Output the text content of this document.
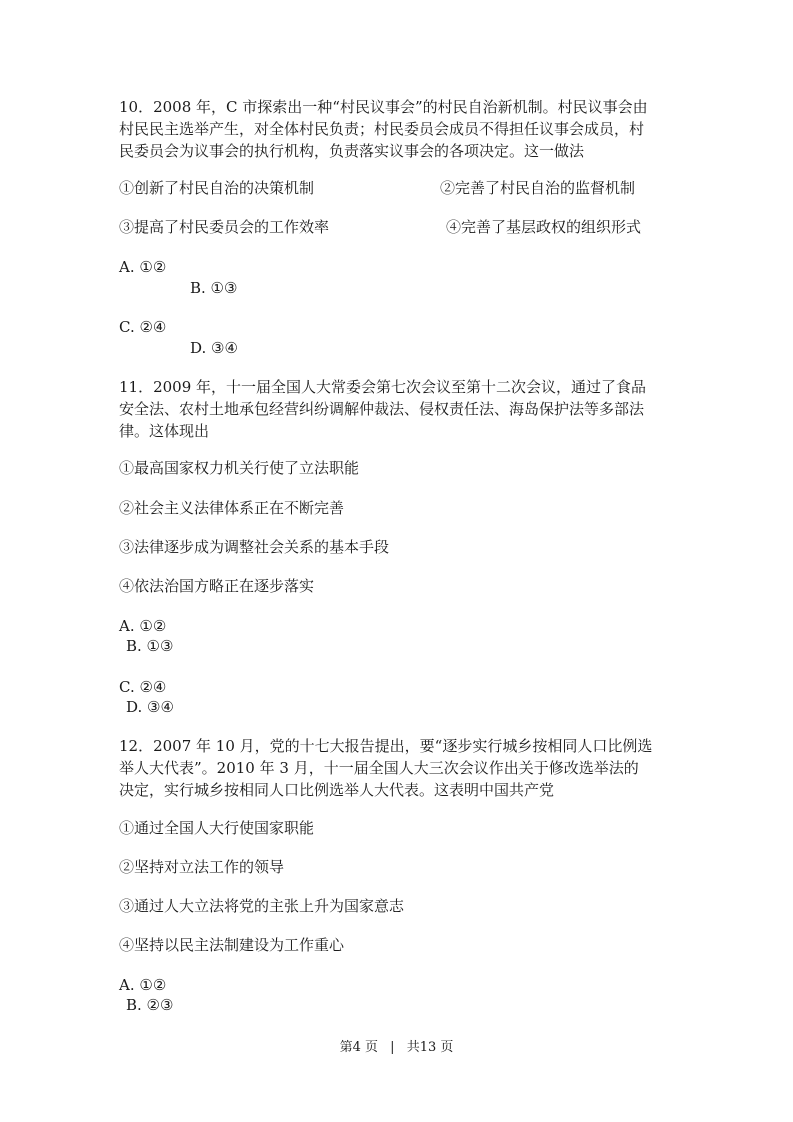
10．2008 年，C 市探索出一种“村民议事会”的村民自治新机制。村民议事会由
村民民主选举产生，对全体村民负责；村民委员会成员不得担任议事会成员，村
民委员会为议事会的执行机构，负责落实议事会的各项决定。这一做法
①创新了村民自治的决策机制	②完善了村民自治的监督机制
③提高了村民委员会的工作效率	④完善了基层政权的组织形式
A. ①②
B. ①③
C. ②④
D. ③④
11．2009 年，十一届全国人大常委会第七次会议至第十二次会议，通过了食品
安全法、农村土地承包经营纠纷调解仲裁法、侵权责任法、海岛保护法等多部法
律。这体现出
①最高国家权力机关行使了立法职能
②社会主义法律体系正在不断完善
③法律逐步成为调整社会关系的基本手段
④依法治国方略正在逐步落实
A. ①②
B. ①③
C. ②④
D. ③④
12．2007 年 10 月，党的十七大报告提出，要“逐步实行城乡按相同人口比例选
举人大代表”。2010 年 3 月，十一届全国人大三次会议作出关于修改选举法的
决定，实行城乡按相同人口比例选举人大代表。这表明中国共产党
①通过全国人大行使国家职能
②坚持对立法工作的领导
③通过人大立法将党的主张上升为国家意志
④坚持以民主法制建设为工作重心
A. ①②
B. ②③
第4 页 | 共13 页
